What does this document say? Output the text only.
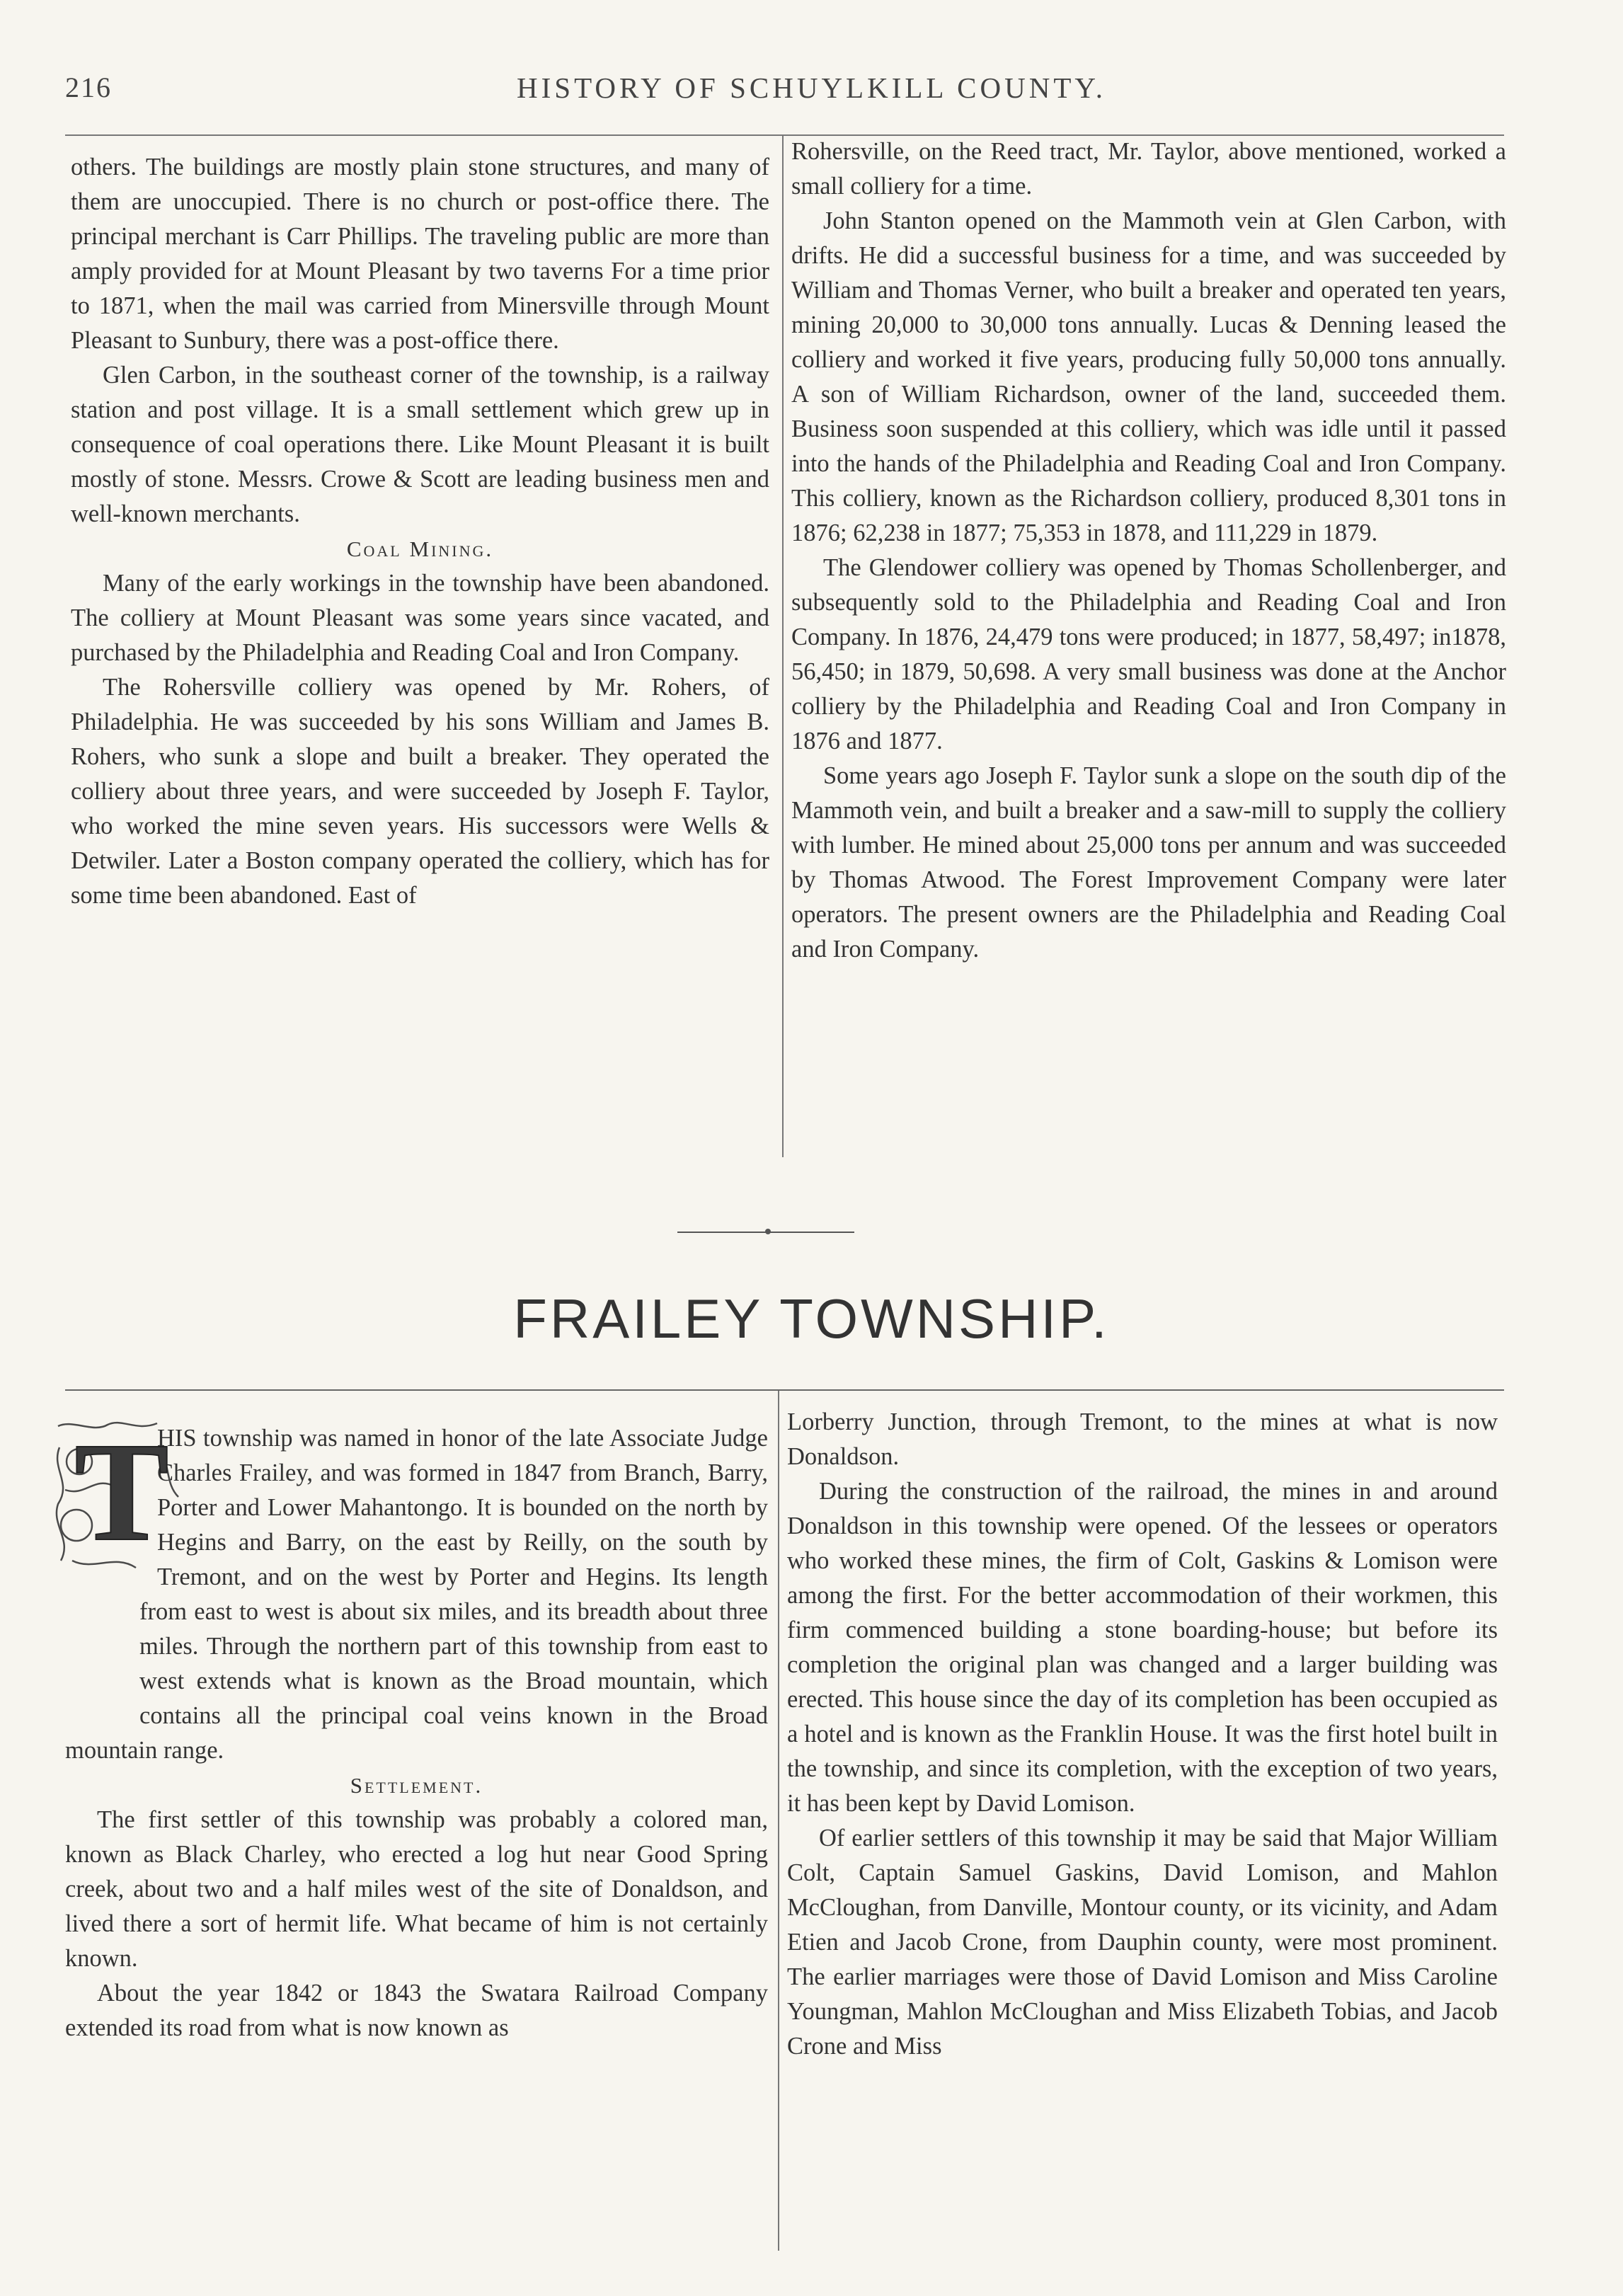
216	HISTORY OF SCHUYLKILL COUNTY.

others. The buildings are mostly plain stone structures, and many of them are unoccupied. There is no church or post-office there. The principal merchant is Carr Phillips. The traveling public are more than amply provided for at Mount Pleasant by two taverns For a time prior to 1871, when the mail was carried from Minersville through Mount Pleasant to Sunbury, there was a post-office there.

Glen Carbon, in the southeast corner of the township, is a railway station and post village. It is a small settlement which grew up in consequence of coal operations there. Like Mount Pleasant it is built mostly of stone. Messrs. Crowe & Scott are leading business men and well-known merchants.

Coal Mining.

Many of the early workings in the township have been abandoned. The colliery at Mount Pleasant was some years since vacated, and purchased by the Philadelphia and Reading Coal and Iron Company.

The Rohersville colliery was opened by Mr. Rohers, of Philadelphia. He was succeeded by his sons William and James B. Rohers, who sunk a slope and built a breaker. They operated the colliery about three years, and were succeeded by Joseph F. Taylor, who worked the mine seven years. His successors were Wells & Detwiler. Later a Boston company operated the colliery, which has for some time been abandoned. East of

Rohersville, on the Reed tract, Mr. Taylor, above mentioned, worked a small colliery for a time.

John Stanton opened on the Mammoth vein at Glen Carbon, with drifts. He did a successful business for a time, and was succeeded by William and Thomas Verner, who built a breaker and operated ten years, mining 20,000 to 30,000 tons annually. Lucas & Denning leased the colliery and worked it five years, producing fully 50,000 tons annually. A son of William Richardson, owner of the land, succeeded them. Business soon suspended at this colliery, which was idle until it passed into the hands of the Philadelphia and Reading Coal and Iron Company. This colliery, known as the Richardson colliery, produced 8,301 tons in 1876; 62,238 in 1877; 75,353 in 1878, and 111,229 in 1879.

The Glendower colliery was opened by Thomas Schollenberger, and subsequently sold to the Philadelphia and Reading Coal and Iron Company. In 1876, 24,479 tons were produced; in 1877, 58,497; in1878, 56,450; in 1879, 50,698. A very small business was done at the Anchor colliery by the Philadelphia and Reading Coal and Iron Company in 1876 and 1877.

Some years ago Joseph F. Taylor sunk a slope on the south dip of the Mammoth vein, and built a breaker and a saw-mill to supply the colliery with lumber. He mined about 25,000 tons per annum and was succeeded by Thomas Atwood. The Forest Improvement Company were later operators. The present owners are the Philadelphia and Reading Coal and Iron Company.

FRAILEY TOWNSHIP.

HIS township was named in honor of the late Associate Judge Charles Frailey, and was formed in 1847 from Branch, Barry, Porter and Lower Mahantongo. It is bounded on the north by Hegins and Barry, on the east by Reilly, on the south by Tremont, and on the west by Porter and Hegins. Its length from east to west is about six miles, and its breadth about three miles. Through the northern part of this township from east to west extends what is known as the Broad mountain, which contains all the principal coal veins known in the Broad mountain range.

Settlement.

The first settler of this township was probably a colored man, known as Black Charley, who erected a log hut near Good Spring creek, about two and a half miles west of the site of Donaldson, and lived there a sort of hermit life. What became of him is not certainly known.

About the year 1842 or 1843 the Swatara Railroad Company extended its road from what is now known as

T	Lorberry Junction, through Tremont, to the mines at what is now Donaldson.

During the construction of the railroad, the mines in and around Donaldson in this township were opened. Of the lessees or operators who worked these mines, the firm of Colt, Gaskins & Lomison were among the first. For the better accommodation of their workmen, this firm commenced building a stone boarding-house; but before its completion the original plan was changed and a larger building was erected. This house since the day of its completion has been occupied as a hotel and is known as the Franklin House. It was the first hotel built in the township, and since its completion, with the exception of two years, it has been kept by David Lomison.

Of earlier settlers of this township it may be said that Major William Colt, Captain Samuel Gaskins, David Lomison, and Mahlon McCloughan, from Danville, Montour county, or its vicinity, and Adam Etien and Jacob Crone, from Dauphin county, were most prominent. The earlier marriages were those of David Lomison and Miss Caroline Youngman, Mahlon McCloughan and Miss Elizabeth Tobias, and Jacob Crone and Miss
